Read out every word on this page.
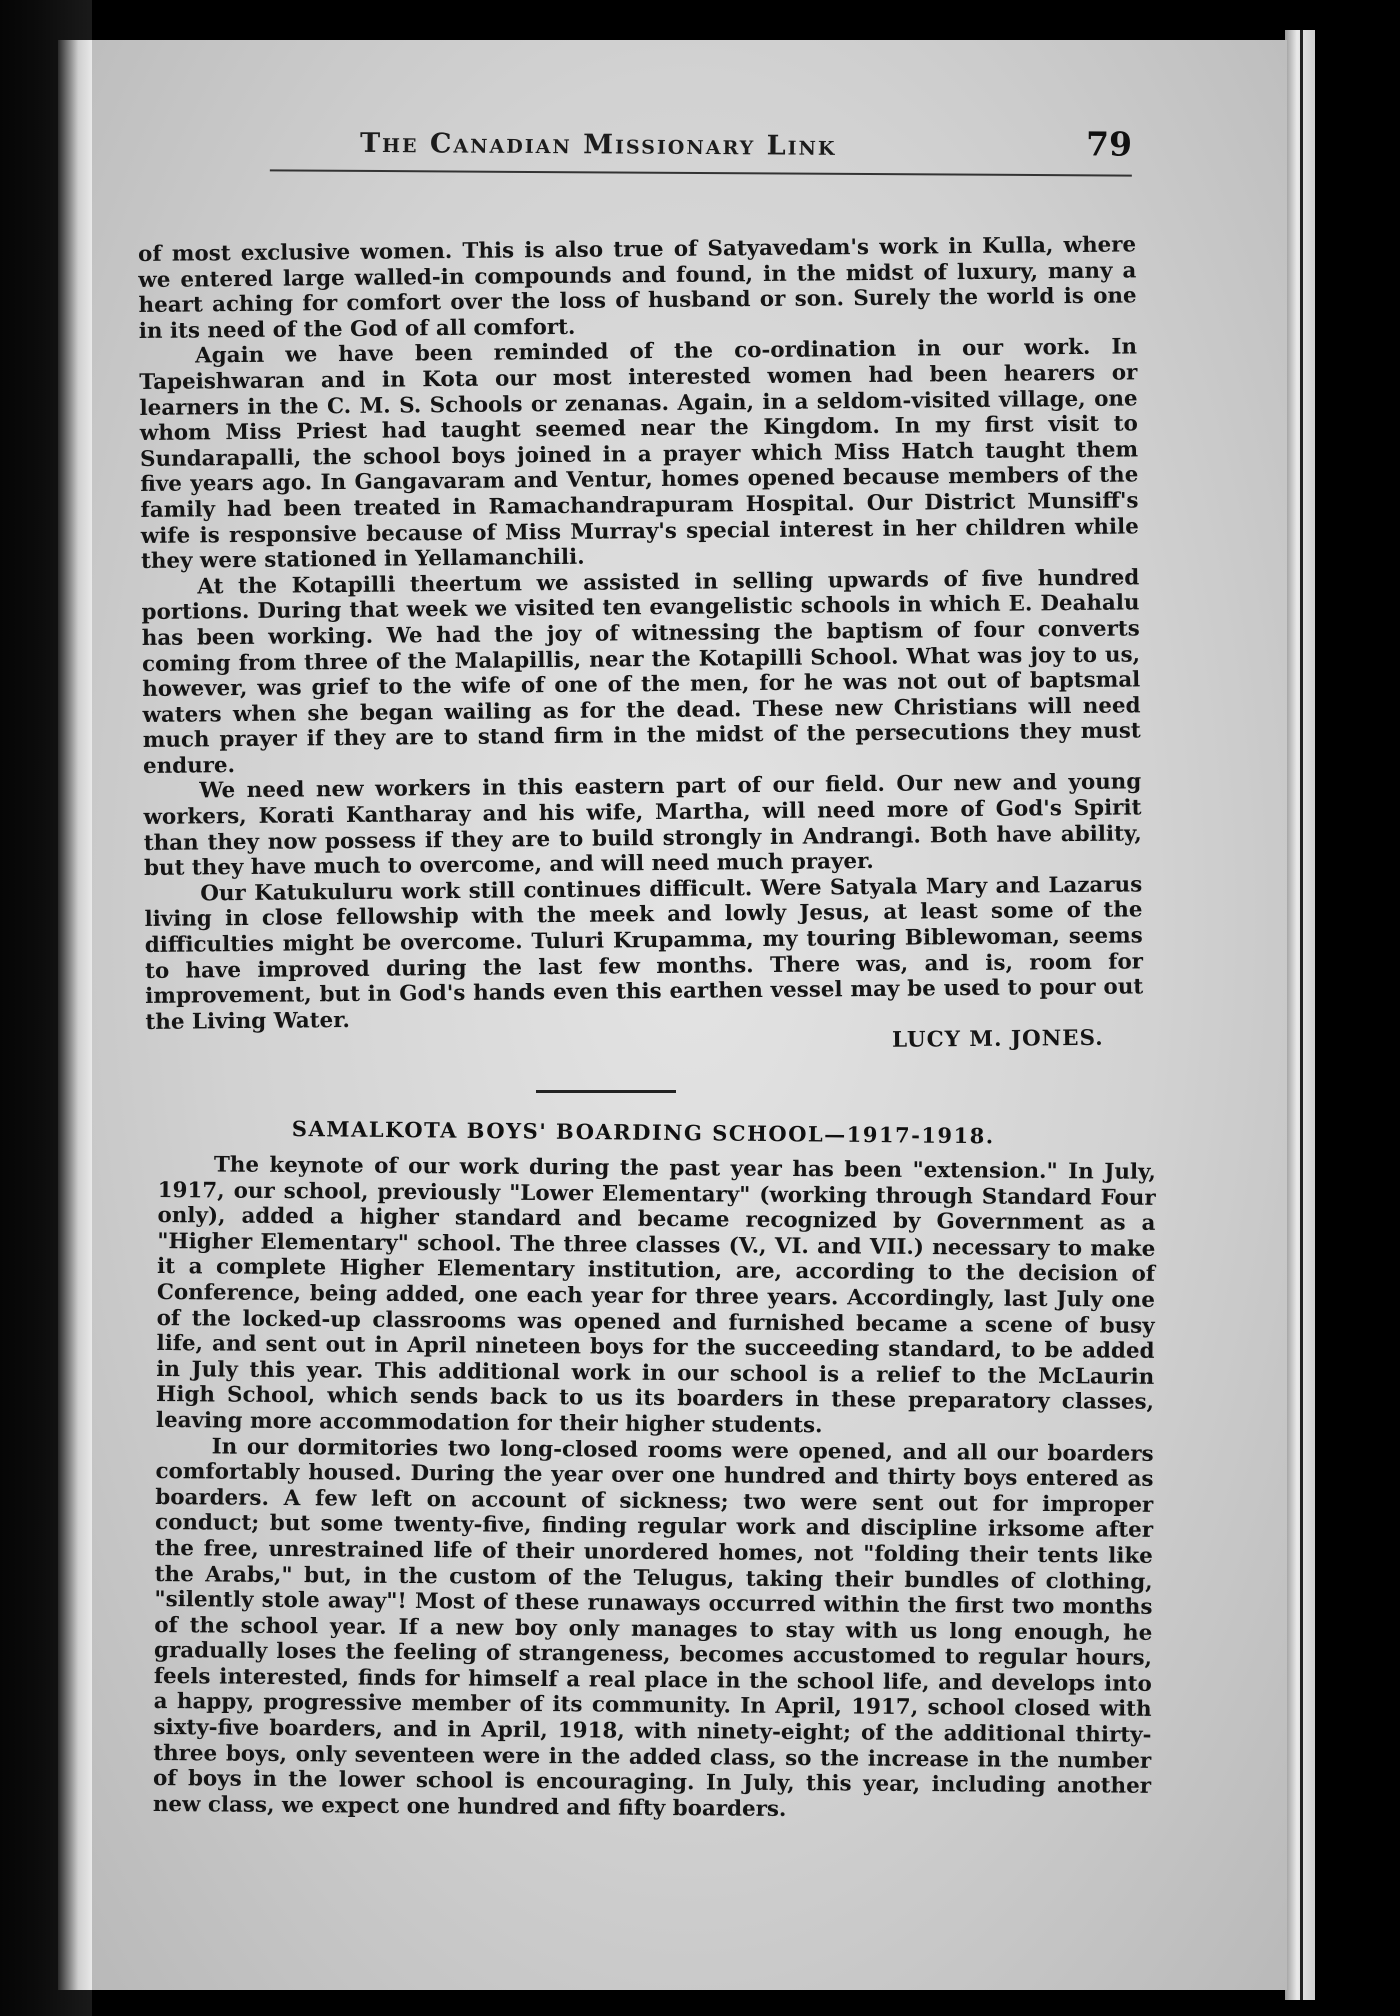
The Canadian Missionary Link	79

of most exclusive women. This is also true of Satyavedam's work in Kulla, where we entered large walled-in compounds and found, in the midst of luxury, many a heart aching for comfort over the loss of husband or son. Surely the world is one in its need of the God of all comfort.

Again we have been reminded of the co-ordination in our work. In Tapeishwaran and in Kota our most interested women had been hearers or learners in the C. M. S. Schools or zenanas. Again, in a seldom-visited village, one whom Miss Priest had taught seemed near the Kingdom. In my first visit to Sundarapalli, the school boys joined in a prayer which Miss Hatch taught them five years ago. In Gangavaram and Ventur, homes opened because members of the family had been treated in Ramachandrapuram Hospital. Our District Munsiff's wife is responsive because of Miss Murray's special interest in her children while they were stationed in Yellamanchili.

At the Kotapilli theertum we assisted in selling upwards of five hundred portions. During that week we visited ten evangelistic schools in which E. Deahalu has been working. We had the joy of witnessing the baptism of four converts coming from three of the Malapillis, near the Kotapilli School. What was joy to us, however, was grief to the wife of one of the men, for he was not out of baptsmal waters when she began wailing as for the dead. These new Christians will need much prayer if they are to stand firm in the midst of the persecutions they must endure.

We need new workers in this eastern part of our field. Our new and young workers, Korati Kantharay and his wife, Martha, will need more of God's Spirit than they now possess if they are to build strongly in Andrangi. Both have ability, but they have much to overcome, and will need much prayer.

Our Katukuluru work still continues difficult. Were Satyala Mary and Lazarus living in close fellowship with the meek and lowly Jesus, at least some of the difficulties might be overcome. Tuluri Krupamma, my touring Biblewoman, seems to have improved during the last few months. There was, and is, room for improvement, but in God's hands even this earthen vessel may be used to pour out the Living Water.

LUCY M. JONES.

SAMALKOTA BOYS' BOARDING SCHOOL—1917-1918.

The keynote of our work during the past year has been "extension." In July, 1917, our school, previously "Lower Elementary" (working through Standard Four only), added a higher standard and became recognized by Government as a "Higher Elementary" school. The three classes (V., VI. and VII.) necessary to make it a complete Higher Elementary institution, are, according to the decision of Conference, being added, one each year for three years. Accordingly, last July one of the locked-up classrooms was opened and furnished became a scene of busy life, and sent out in April nineteen boys for the succeeding standard, to be added in July this year. This additional work in our school is a relief to the McLaurin High School, which sends back to us its boarders in these preparatory classes, leaving more accommodation for their higher students.

In our dormitories two long-closed rooms were opened, and all our boarders comfortably housed. During the year over one hundred and thirty boys entered as boarders. A few left on account of sickness; two were sent out for improper conduct; but some twenty-five, finding regular work and discipline irksome after the free, unrestrained life of their unordered homes, not "folding their tents like the Arabs," but, in the custom of the Telugus, taking their bundles of clothing, "silently stole away"! Most of these runaways occurred within the first two months of the school year. If a new boy only manages to stay with us long enough, he gradually loses the feeling of strangeness, becomes accustomed to regular hours, feels interested, finds for himself a real place in the school life, and develops into a happy, progressive member of its community. In April, 1917, school closed with sixty-five boarders, and in April, 1918, with ninety-eight; of the additional thirty-three boys, only seventeen were in the added class, so the increase in the number of boys in the lower school is encouraging. In July, this year, including another new class, we expect one hundred and fifty boarders.
